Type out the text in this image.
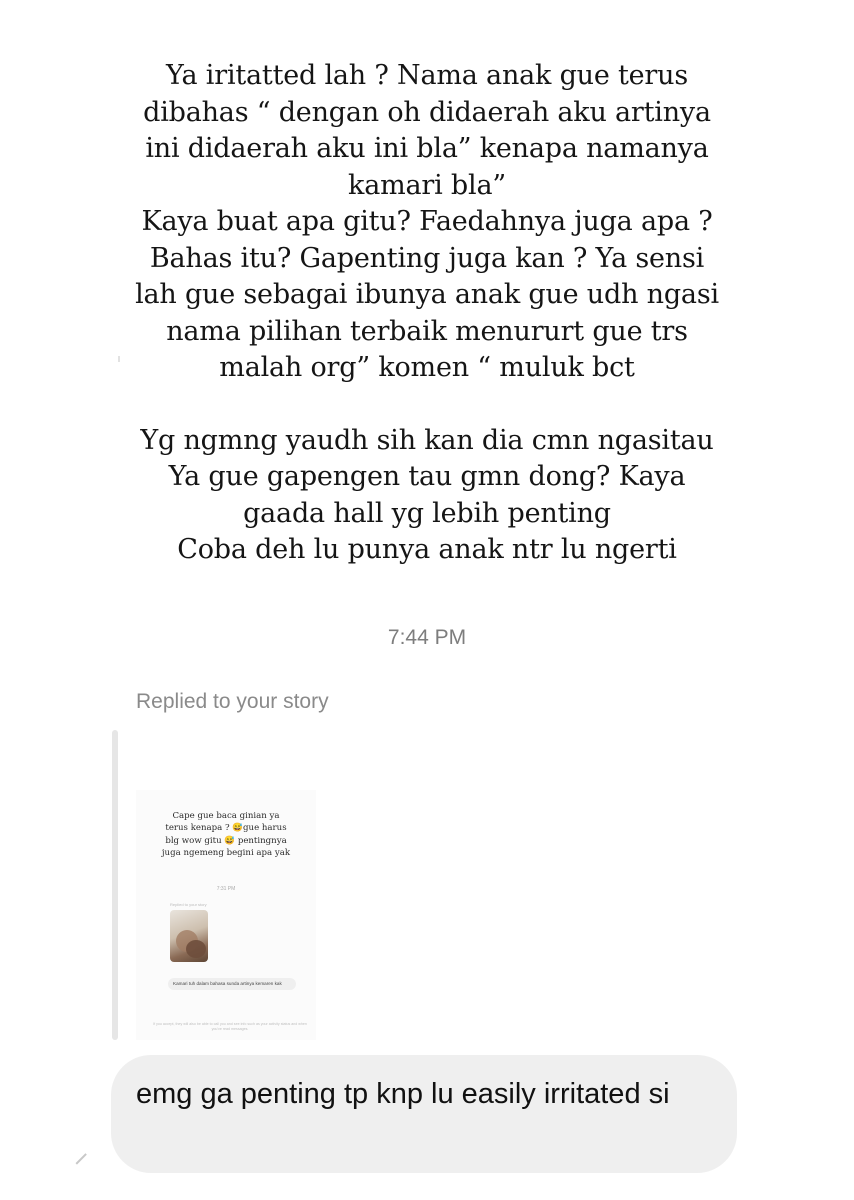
Ya iritatted lah ? Nama anak gue terus
dibahas “ dengan oh didaerah aku artinya
ini didaerah aku ini bla” kenapa namanya
kamari bla”
Kaya buat apa gitu? Faedahnya juga apa ?
Bahas itu? Gapenting juga kan ? Ya sensi
lah gue sebagai ibunya anak gue udh ngasi
nama pilihan terbaik menururt gue trs
malah org” komen “ muluk bct
Yg ngmng yaudh sih kan dia cmn ngasitau
Ya gue gapengen tau gmn dong? Kaya
gaada hall yg lebih penting
Coba deh lu punya anak ntr lu ngerti
7:44 PM
Replied to your story
Cape gue baca ginian ya
terus kenapa ? 😅gue harus
blg wow gitu 😅 pentingnya
juga ngemeng begini apa yak
7:31 PM
Replied to your story
Kamari tuh dalam bahasa sunda artinya kemaren kak
If you accept, they will also be able to call you and see info such as your activity status and when you've read messages.
emg ga penting tp knp lu easily irritated si
